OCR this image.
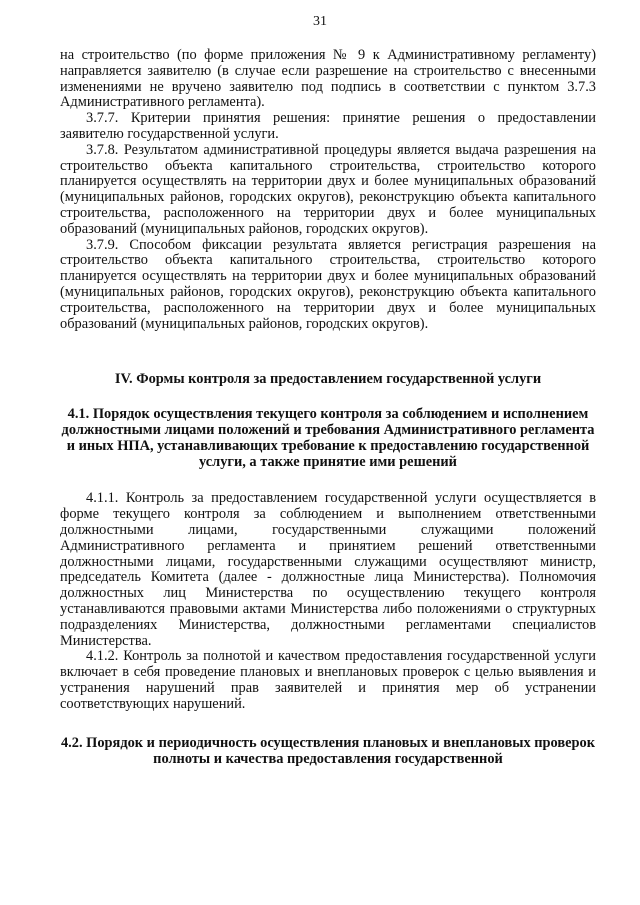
31

на строительство (по форме приложения № 9 к Административному регламенту) направляется заявителю (в случае если разрешение на строительство с внесенными изменениями не вручено заявителю под подпись в соответствии с пунктом 3.7.3 Административного регламента).

3.7.7. Критерии принятия решения: принятие решения о предоставлении заявителю государственной услуги.

3.7.8. Результатом административной процедуры является выдача разрешения на строительство объекта капитального строительства, строительство которого планируется осуществлять на территории двух и более муниципальных образований (муниципальных районов, городских округов), реконструкцию объекта капитального строительства, расположенного на территории двух и более муниципальных образований (муниципальных районов, городских округов).

3.7.9. Способом фиксации результата является регистрация разрешения на строительство объекта капитального строительства, строительство которого планируется осуществлять на территории двух и более муниципальных образований (муниципальных районов, городских округов), реконструкцию объекта капитального строительства, расположенного на территории двух и более муниципальных образований (муниципальных районов, городских округов).

IV. Формы контроля за предоставлением государственной услуги

4.1. Порядок осуществления текущего контроля за соблюдением и исполнением должностными лицами положений и требования Административного регламента и иных НПА, устанавливающих требование к предоставлению государственной услуги, а также принятие ими решений

4.1.1. Контроль за предоставлением государственной услуги осуществляется в форме текущего контроля за соблюдением и выполнением ответственными должностными лицами, государственными служащими положений Административного регламента и принятием решений ответственными должностными лицами, государственными служащими осуществляют министр, председатель Комитета (далее - должностные лица Министерства). Полномочия должностных лиц Министерства по осуществлению текущего контроля устанавливаются правовыми актами Министерства либо положениями о структурных подразделениях Министерства, должностными регламентами специалистов Министерства.

4.1.2. Контроль за полнотой и качеством предоставления государственной услуги включает в себя проведение плановых и внеплановых проверок с целью выявления и устранения нарушений прав заявителей и принятия мер об устранении соответствующих нарушений.

4.2. Порядок и периодичность осуществления плановых и внеплановых проверок полноты и качества предоставления государственной
